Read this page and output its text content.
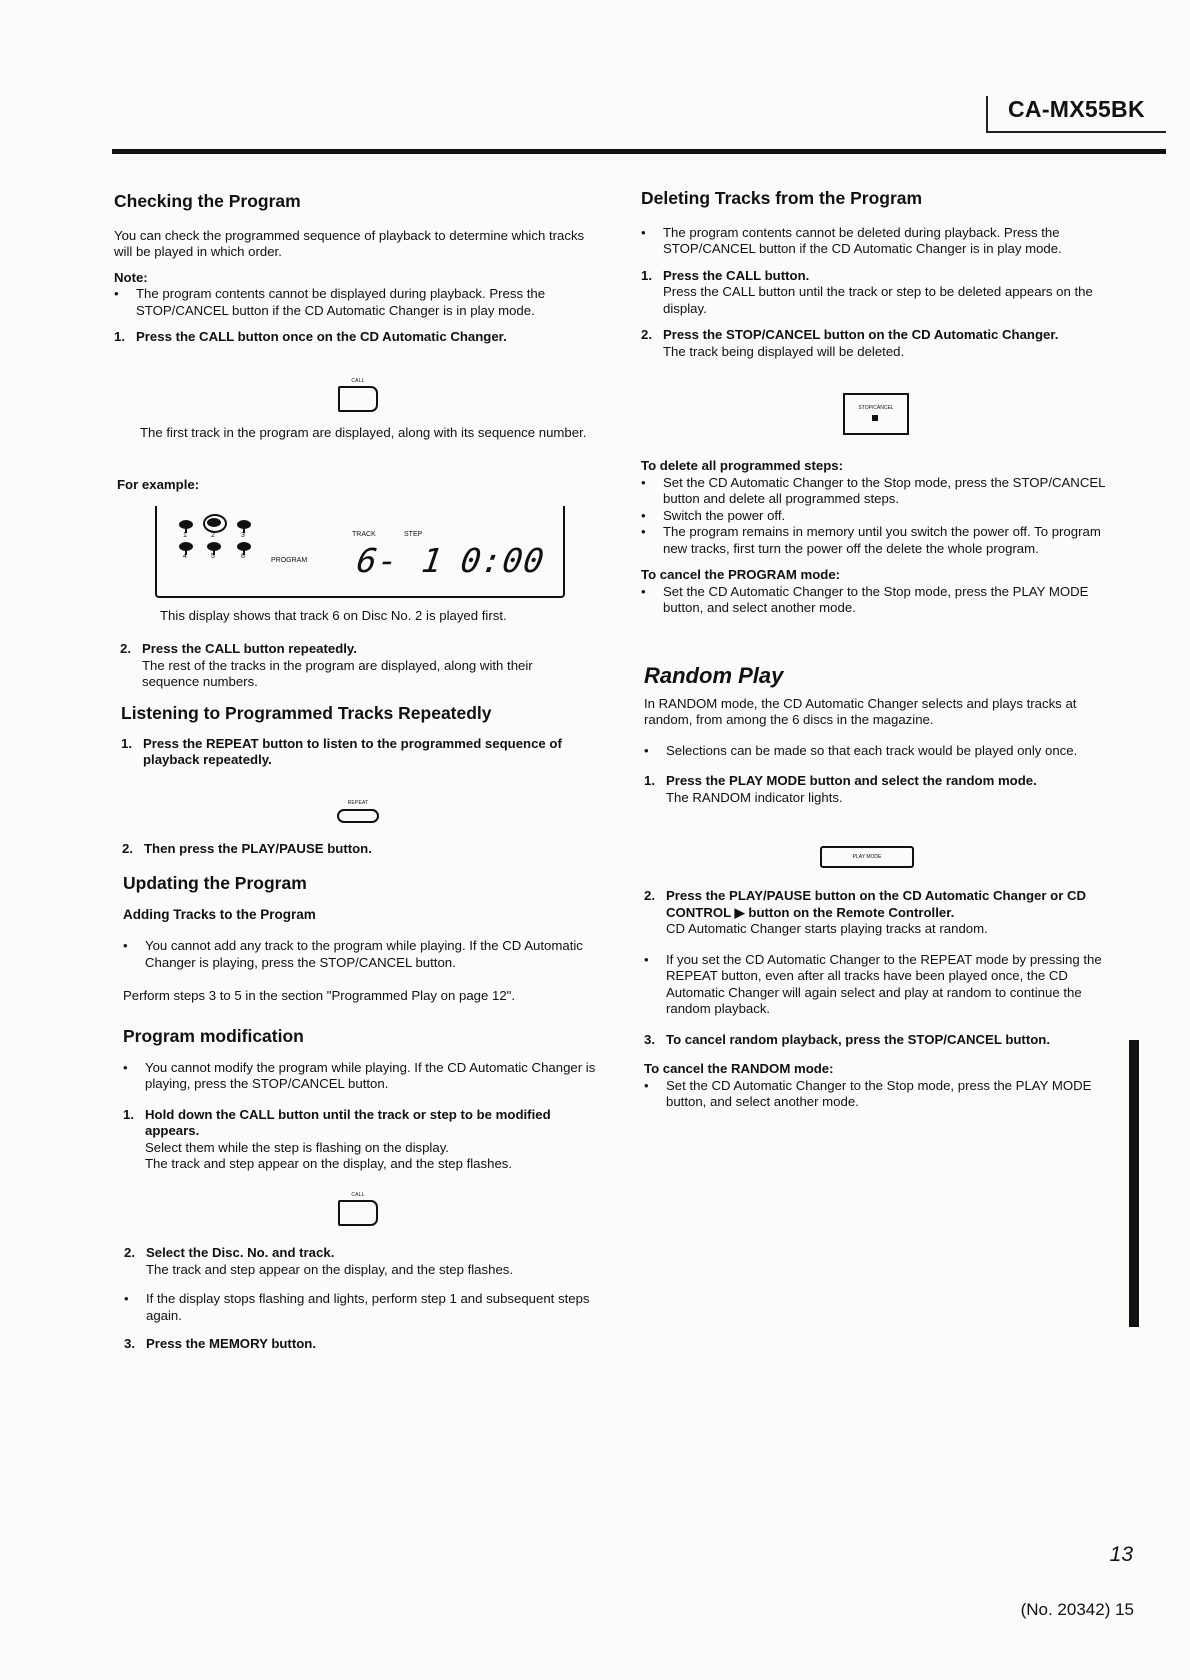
CA-MX55BK

Checking the Program

You can check the programmed sequence of playback to determine which tracks will be played in which order.

Note:

•	The program contents cannot be displayed during playback. Press the STOP/CANCEL button if the CD Automatic Changer is in play mode.
1. Press the CALL button once on the CD Automatic Changer.
CALL

The first track in the program are displayed, along with its sequence number.

For example:

1	2	3
4	5	6
PROGRAM
TRACK	STEP
6- 1 0:00

This display shows that track 6 on Disc No. 2 is played first.

2. Press the CALL button repeatedly.
The rest of the tracks in the program are displayed, along with their sequence numbers.

Listening to Programmed Tracks Repeatedly

1. Press the REPEAT button to listen to the programmed sequence of playback repeatedly.
REPEAT
2. Then press the PLAY/PAUSE button.

Updating the Program

Adding Tracks to the Program

•	You cannot add any track to the program while playing. If the CD Automatic Changer is playing, press the STOP/CANCEL button.

Perform steps 3 to 5 in the section "Programmed Play on page 12".

Program modification

•	You cannot modify the program while playing. If the CD Automatic Changer is playing, press the STOP/CANCEL button.
1. Hold down the CALL button until the track or step to be modified appears.
Select them while the step is flashing on the display.
The track and step appear on the display, and the step flashes.
CALL
2. Select the Disc. No. and track.
The track and step appear on the display, and the step flashes.
•	If the display stops flashing and lights, perform step 1 and subsequent steps again.
3. Press the MEMORY button.

Deleting Tracks from the Program

•	The program contents cannot be deleted during playback. Press the STOP/CANCEL button if the CD Automatic Changer is in play mode.
1. Press the CALL button.
Press the CALL button until the track or step to be deleted appears on the display.
2. Press the STOP/CANCEL button on the CD Automatic Changer.
The track being displayed will be deleted.
STOP/CANCEL

To delete all programmed steps:

•	Set the CD Automatic Changer to the Stop mode, press the STOP/CANCEL button and delete all programmed steps.
•	Switch the power off.
•	The program remains in memory until you switch the power off. To program new tracks, first turn the power off the delete the whole program.

To cancel the PROGRAM mode:

•	Set the CD Automatic Changer to the Stop mode, press the PLAY MODE button, and select another mode.

Random Play

In RANDOM mode, the CD Automatic Changer selects and plays tracks at random, from among the 6 discs in the magazine.

•	Selections can be made so that each track would be played only once.
1. Press the PLAY MODE button and select the random mode.
The RANDOM indicator lights.
PLAY MODE
2. Press the PLAY/PAUSE button on the CD Automatic Changer or CD CONTROL ▶ button on the Remote Controller.
CD Automatic Changer starts playing tracks at random.
•	If you set the CD Automatic Changer to the REPEAT mode by pressing the REPEAT button, even after all tracks have been played once, the CD Automatic Changer will again select and play at random to continue the random playback.
3. To cancel random playback, press the STOP/CANCEL button.

To cancel the RANDOM mode:

•	Set the CD Automatic Changer to the Stop mode, press the PLAY MODE button, and select another mode.
13
(No. 20342) 15
